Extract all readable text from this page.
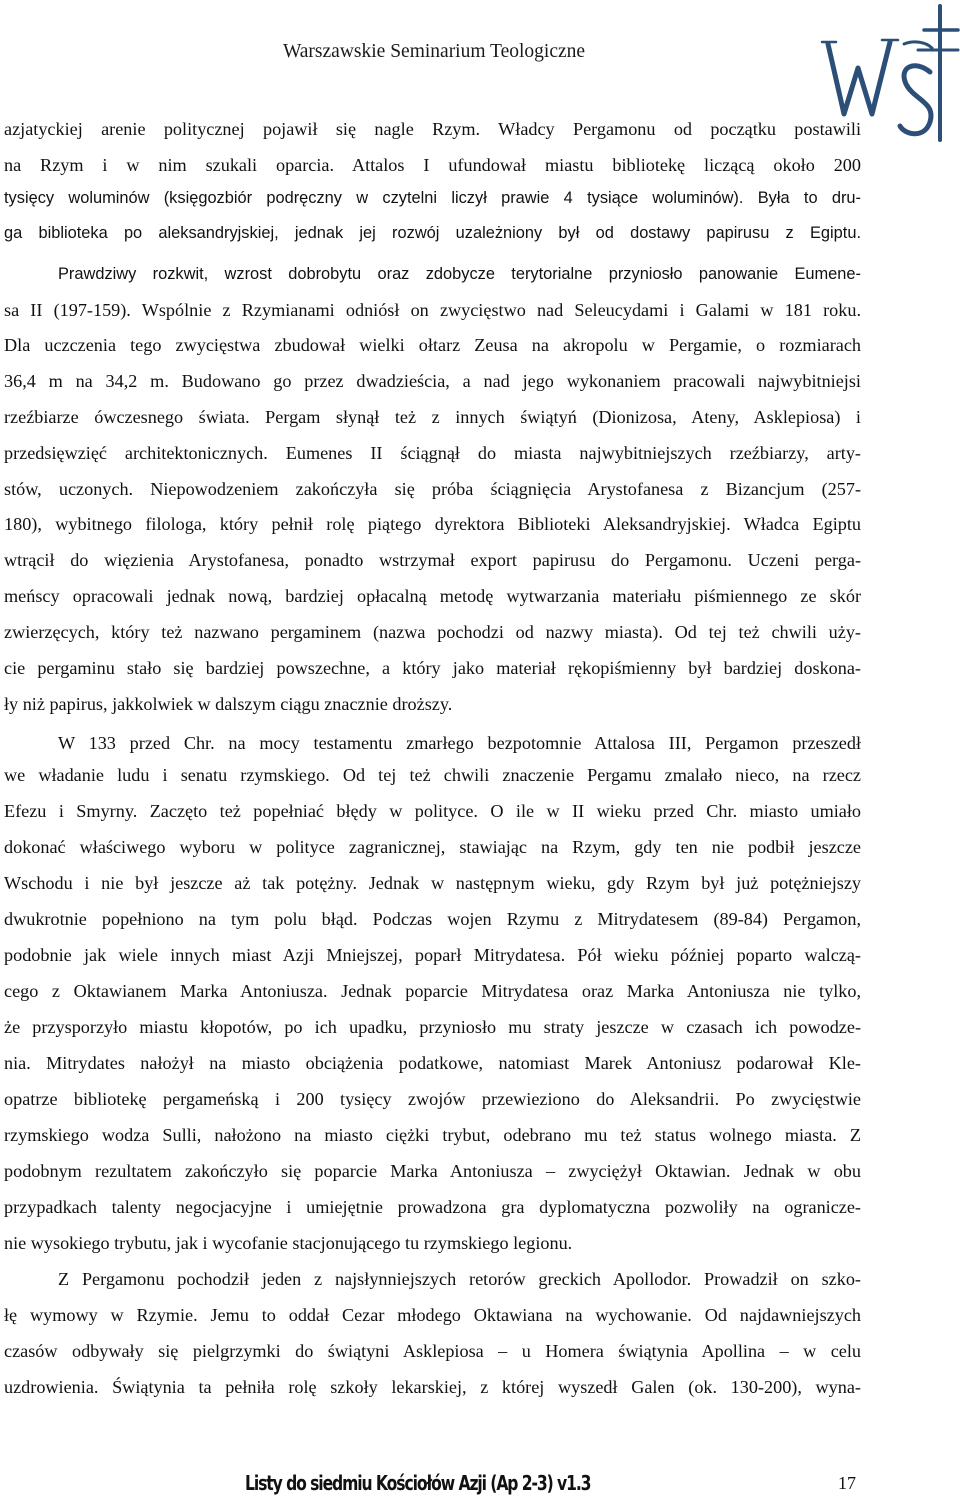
Warszawskie Seminarium Teologiczne
azjatyckiej arenie politycznej pojawił się nagle Rzym. Władcy Pergamonu od początku postawili
na Rzym i w nim szukali oparcia. Attalos I ufundował miastu bibliotekę liczącą około 200
tysięcy woluminów (księgozbiór podręczny w czytelni liczył prawie 4 tysiące woluminów). Była to dru-
ga biblioteka po aleksandryjskiej, jednak jej rozwój uzależniony był od dostawy papirusu z Egiptu.
Prawdziwy rozkwit, wzrost dobrobytu oraz zdobycze terytorialne przyniosło panowanie Eumene-
sa II (197-159). Wspólnie z Rzymianami odniósł on zwycięstwo nad Seleucydami i Galami w 181 roku.
Dla uczczenia tego zwycięstwa zbudował wielki ołtarz Zeusa na akropolu w Pergamie, o rozmiarach
36,4 m na 34,2 m. Budowano go przez dwadzieścia, a nad jego wykonaniem pracowali najwybitniejsi
rzeźbiarze ówczesnego świata. Pergam słynął też z innych świątyń (Dionizosa, Ateny, Asklepiosa) i
przedsięwzięć architektonicznych. Eumenes II ściągnął do miasta najwybitniejszych rzeźbiarzy, arty-
stów, uczonych. Niepowodzeniem zakończyła się próba ściągnięcia Arystofanesa z Bizancjum (257-
180), wybitnego filologa, który pełnił rolę piątego dyrektora Biblioteki Aleksandryjskiej. Władca Egiptu
wtrącił do więzienia Arystofanesa, ponadto wstrzymał export papirusu do Pergamonu. Uczeni perga-
meńscy opracowali jednak nową, bardziej opłacalną metodę wytwarzania materiału piśmiennego ze skór
zwierzęcych, który też nazwano pergaminem (nazwa pochodzi od nazwy miasta). Od tej też chwili uży-
cie pergaminu stało się bardziej powszechne, a który jako materiał rękopiśmienny był bardziej doskona-
ły niż papirus, jakkolwiek w dalszym ciągu znacznie droższy.
W 133 przed Chr. na mocy testamentu zmarłego bezpotomnie Attalosa III, Pergamon przeszedł
we władanie ludu i senatu rzymskiego. Od tej też chwili znaczenie Pergamu zmalało nieco, na rzecz
Efezu i Smyrny. Zaczęto też popełniać błędy w polityce. O ile w II wieku przed Chr. miasto umiało
dokonać właściwego wyboru w polityce zagranicznej, stawiając na Rzym, gdy ten nie podbił jeszcze
Wschodu i nie był jeszcze aż tak potężny. Jednak w następnym wieku, gdy Rzym był już potężniejszy
dwukrotnie popełniono na tym polu błąd. Podczas wojen Rzymu z Mitrydatesem (89-84) Pergamon,
podobnie jak wiele innych miast Azji Mniejszej, poparł Mitrydatesa. Pół wieku później poparto walczą-
cego z Oktawianem Marka Antoniusza. Jednak poparcie Mitrydatesa oraz Marka Antoniusza nie tylko,
że przysporzyło miastu kłopotów, po ich upadku, przyniosło mu straty jeszcze w czasach ich powodze-
nia. Mitrydates nałożył na miasto obciążenia podatkowe, natomiast Marek Antoniusz podarował Kle-
opatrze bibliotekę pergameńską i 200 tysięcy zwojów przewieziono do Aleksandrii. Po zwycięstwie
rzymskiego wodza Sulli, nałożono na miasto ciężki trybut, odebrano mu też status wolnego miasta. Z
podobnym rezultatem zakończyło się poparcie Marka Antoniusza – zwyciężył Oktawian. Jednak w obu
przypadkach talenty negocjacyjne i umiejętnie prowadzona gra dyplomatyczna pozwoliły na ogranicze-
nie wysokiego trybutu, jak i wycofanie stacjonującego tu rzymskiego legionu.
Z Pergamonu pochodził jeden z najsłynniejszych retorów greckich Apollodor. Prowadził on szko-
łę wymowy w Rzymie. Jemu to oddał Cezar młodego Oktawiana na wychowanie. Od najdawniejszych
czasów odbywały się pielgrzymki do świątyni Asklepiosa – u Homera świątynia Apollina – w celu
uzdrowienia. Świątynia ta pełniła rolę szkoły lekarskiej, z której wyszedł Galen (ok. 130-200), wyna-
Listy do siedmiu Kościołów Azji (Ap 2-3) v1.3	17
